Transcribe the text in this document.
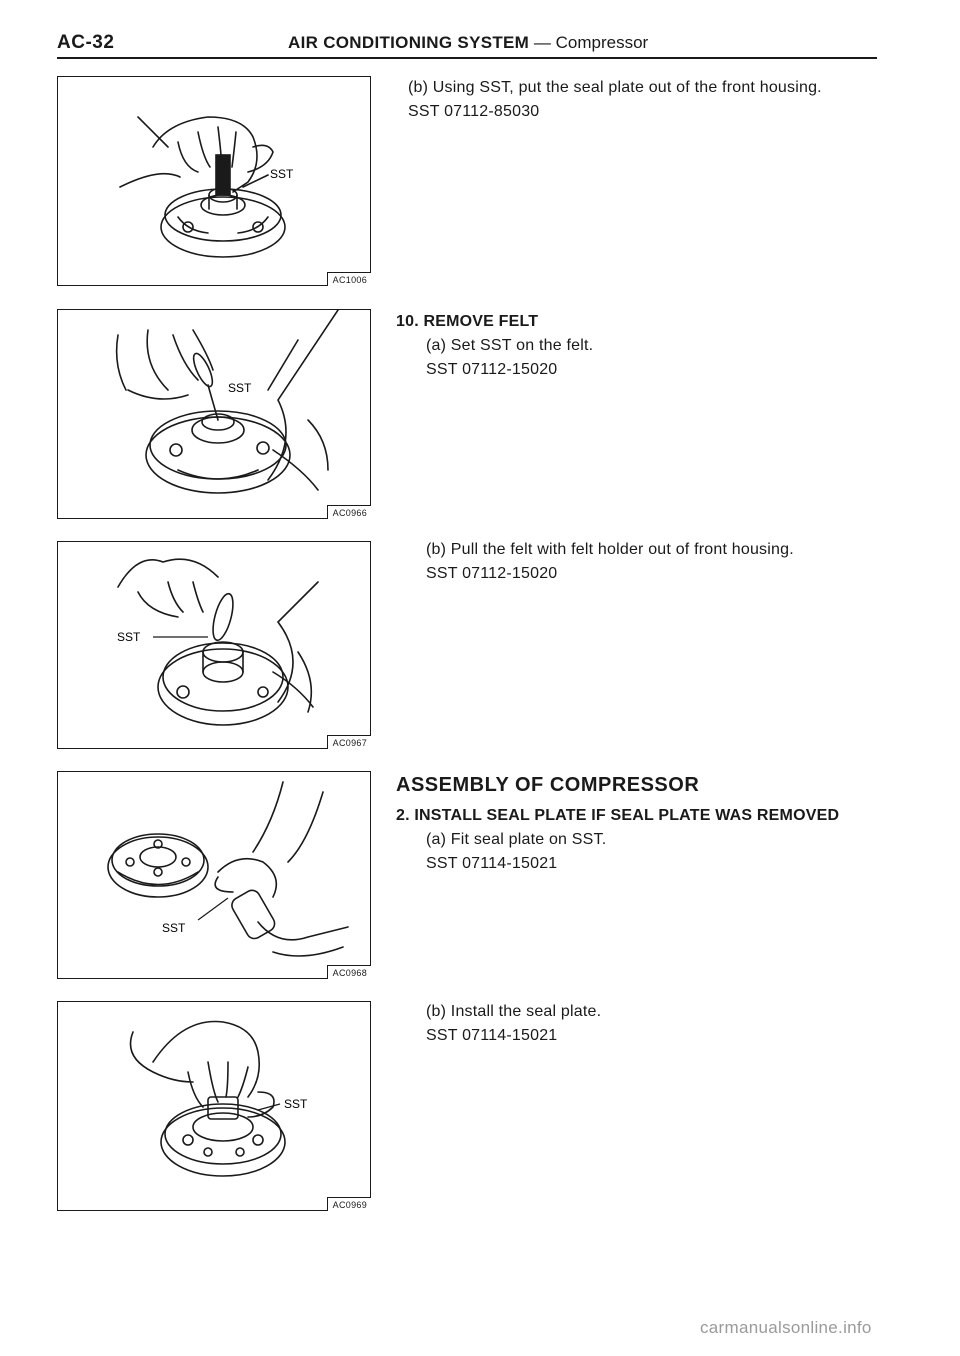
AC-32	AIR CONDITIONING SYSTEM — Compressor
SST
AC1006
SST
AC0966
SST
AC0967
SST
AC0968
SST
AC0969
(b) Using SST, put the seal plate out of the front housing.
SST 07112-85030
10. REMOVE FELT
(a) Set SST on the felt.
SST 07112-15020
(b) Pull the felt with felt holder out of front housing.
SST 07112-15020
ASSEMBLY OF COMPRESSOR
2. INSTALL SEAL PLATE IF SEAL PLATE WAS REMOVED
(a) Fit seal plate on SST.
SST 07114-15021
(b) Install the seal plate.
SST 07114-15021
carmanualsonline.info
